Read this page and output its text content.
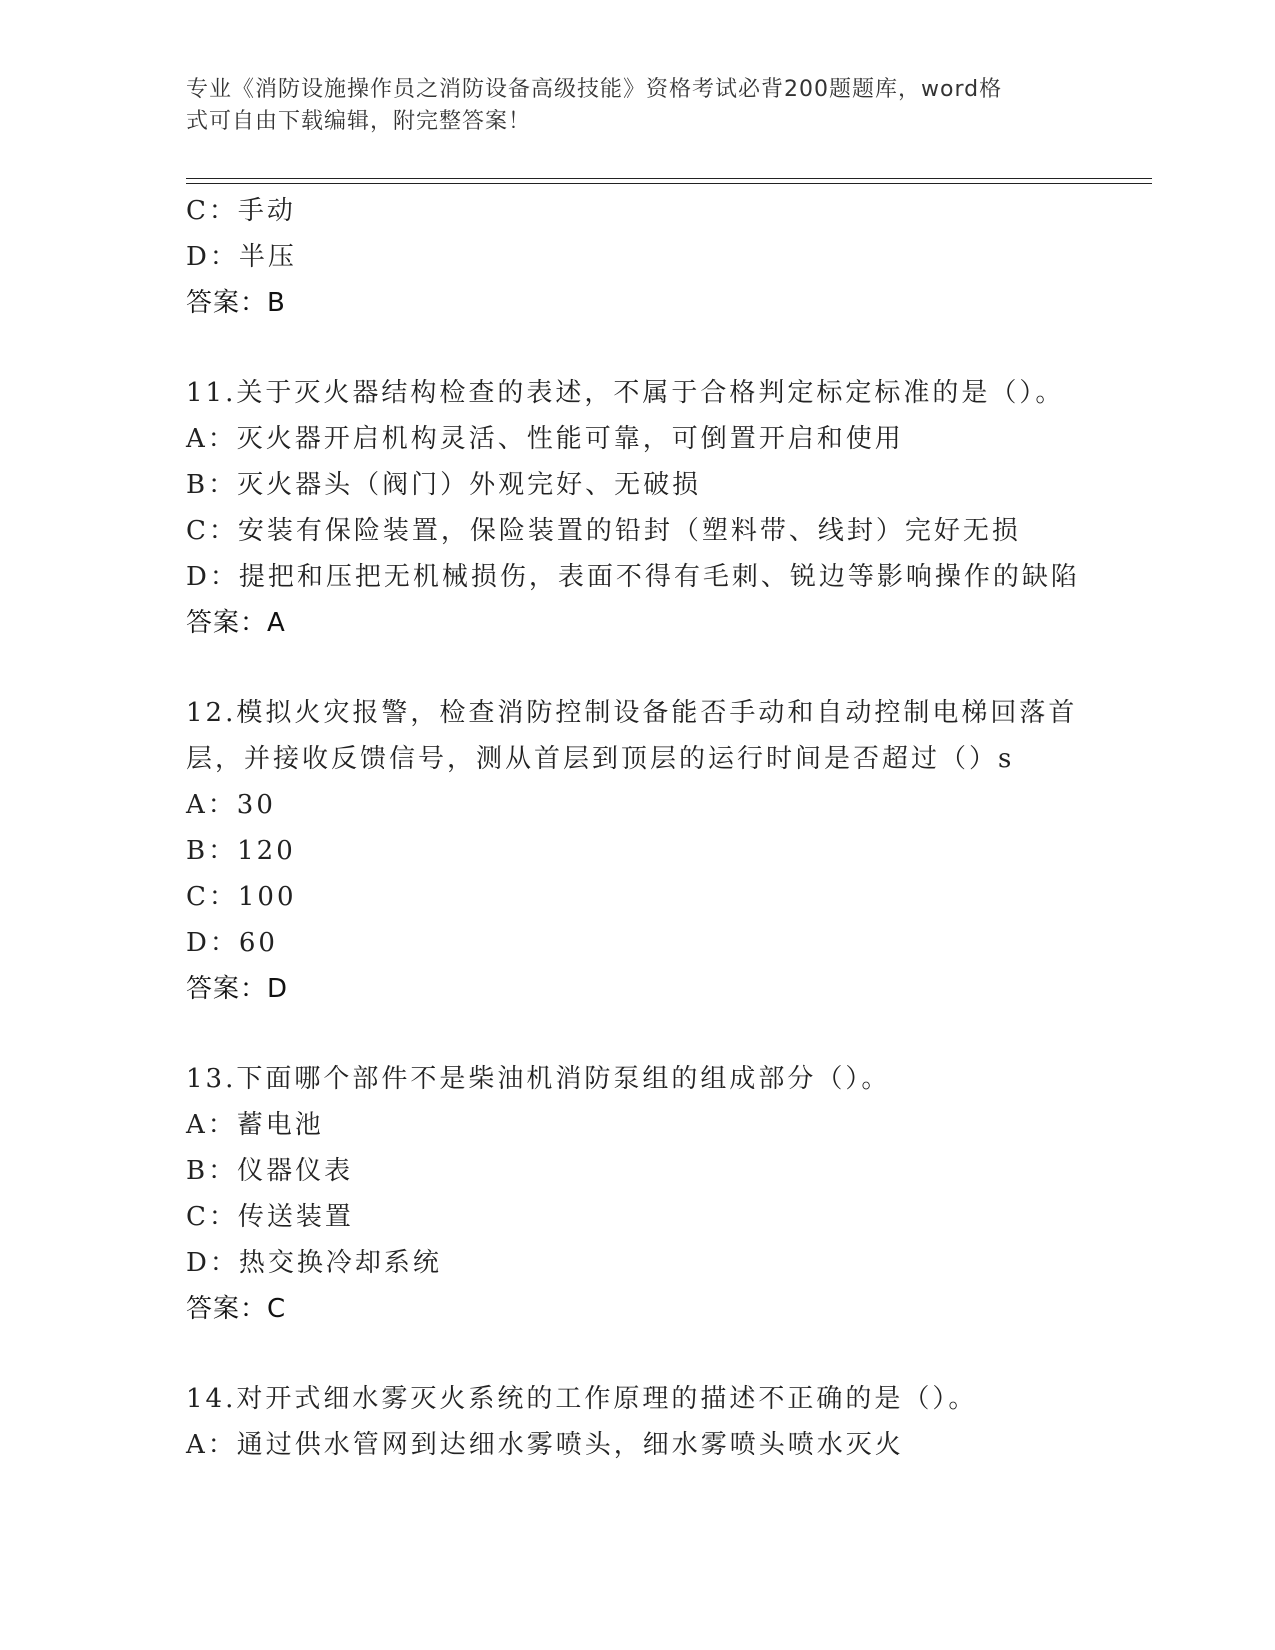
专业《消防设施操作员之消防设备高级技能》资格考试必背200题题库，word格
式可自由下载编辑，附完整答案！
C：手动
D：半压
答案：B
11.关于灭火器结构检查的表述，不属于合格判定标定标准的是（）。
A：灭火器开启机构灵活、性能可靠，可倒置开启和使用
B：灭火器头（阀门）外观完好、无破损
C：安装有保险装置，保险装置的铅封（塑料带、线封）完好无损
D：提把和压把无机械损伤，表面不得有毛刺、锐边等影响操作的缺陷
答案：A
12.模拟火灾报警，检查消防控制设备能否手动和自动控制电梯回落首
层，并接收反馈信号，测从首层到顶层的运行时间是否超过（）s
A：30
B：120
C：100
D：60
答案：D
13.下面哪个部件不是柴油机消防泵组的组成部分（）。
A：蓄电池
B：仪器仪表
C：传送装置
D：热交换冷却系统
答案：C
14.对开式细水雾灭火系统的工作原理的描述不正确的是（）。
A：通过供水管网到达细水雾喷头，细水雾喷头喷水灭火
